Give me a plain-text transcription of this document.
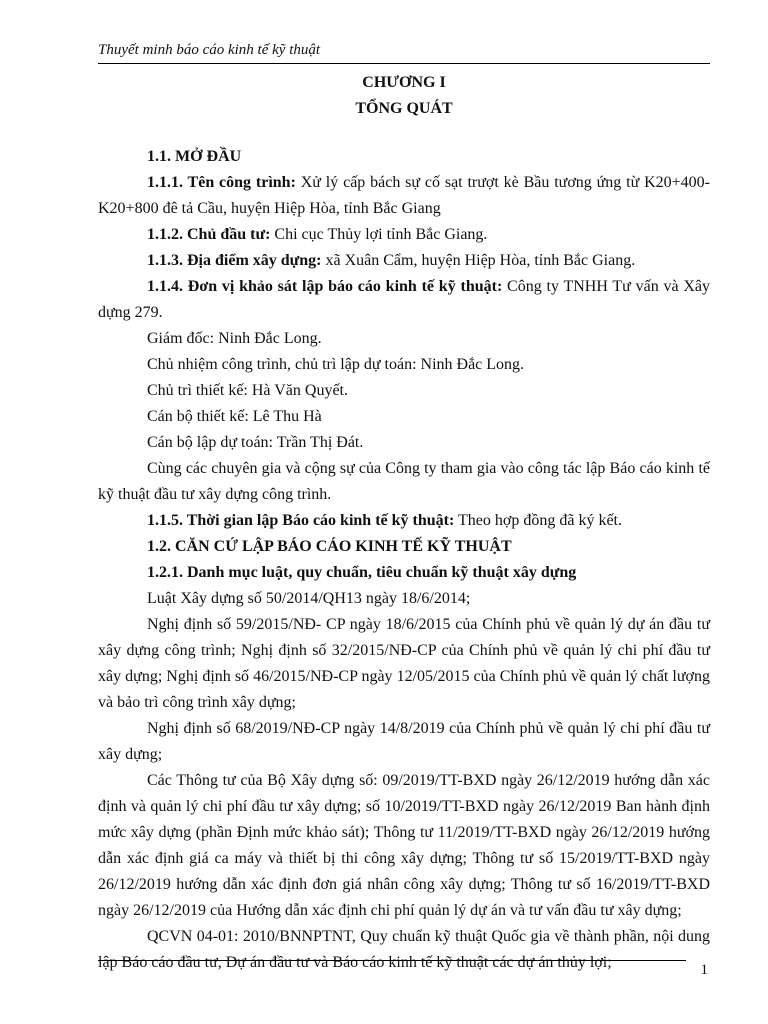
Thuyết minh báo cáo kinh tế kỹ thuật

CHƯƠNG I

TỔNG QUÁT

1.1. MỞ ĐẦU

1.1.1. Tên công trình: Xử lý cấp bách sự cố sạt trượt kè Bầu tương ứng từ K20+400-K20+800 đê tả Cầu, huyện Hiệp Hòa, tỉnh Bắc Giang

1.1.2. Chủ đầu tư: Chi cục Thủy lợi tỉnh Bắc Giang.

1.1.3. Địa điểm xây dựng: xã Xuân Cẩm, huyện Hiệp Hòa, tỉnh Bắc Giang.

1.1.4. Đơn vị khảo sát lập báo cáo kinh tế kỹ thuật: Công ty TNHH Tư vấn và Xây dựng 279.

Giám đốc: Ninh Đắc Long.

Chủ nhiệm công trình, chủ trì lập dự toán: Ninh Đắc Long.

Chủ trì thiết kế: Hà Văn Quyết.

Cán bộ thiết kế: Lê Thu Hà

Cán bộ lập dự toán: Trần Thị Đát.

Cùng các chuyên gia và cộng sự của Công ty tham gia vào công tác lập Báo cáo kinh tế kỹ thuật đầu tư xây dựng công trình.

1.1.5. Thời gian lập Báo cáo kinh tế kỹ thuật: Theo hợp đồng đã ký kết.

1.2. CĂN CỨ LẬP BÁO CÁO KINH TẾ KỸ THUẬT

1.2.1. Danh mục luật, quy chuẩn, tiêu chuẩn kỹ thuật xây dựng

Luật Xây dựng số 50/2014/QH13 ngày 18/6/2014;

Nghị định số 59/2015/NĐ- CP ngày 18/6/2015 của Chính phủ về quản lý dự án đầu tư xây dựng công trình; Nghị định số 32/2015/NĐ-CP của Chính phủ về quản lý chi phí đầu tư xây dựng; Nghị định số 46/2015/NĐ-CP ngày 12/05/2015 của Chính phủ về quản lý chất lượng và bảo trì công trình xây dựng;

Nghị định số 68/2019/NĐ-CP ngày 14/8/2019 của Chính phủ về quản lý chi phí đầu tư xây dựng;

Các Thông tư của Bộ Xây dựng số: 09/2019/TT-BXD ngày 26/12/2019 hướng dẫn xác định và quản lý chi phí đầu tư xây dựng; số 10/2019/TT-BXD ngày 26/12/2019 Ban hành định mức xây dựng (phần Định mức khảo sát); Thông tư 11/2019/TT-BXD ngày 26/12/2019 hướng dẫn xác định giá ca máy và thiết bị thi công xây dựng; Thông tư số 15/2019/TT-BXD ngày 26/12/2019 hướng dẫn xác định đơn giá nhân công xây dựng; Thông tư số 16/2019/TT-BXD ngày 26/12/2019 của Hướng dẫn xác định chi phí quản lý dự án và tư vấn đầu tư xây dựng;

QCVN 04-01: 2010/BNNPTNT, Quy chuẩn kỹ thuật Quốc gia về thành phần, nội dung lập Báo cáo đầu tư, Dự án đầu tư và Báo cáo kinh tế kỹ thuật các dự án thủy lợi;	1
